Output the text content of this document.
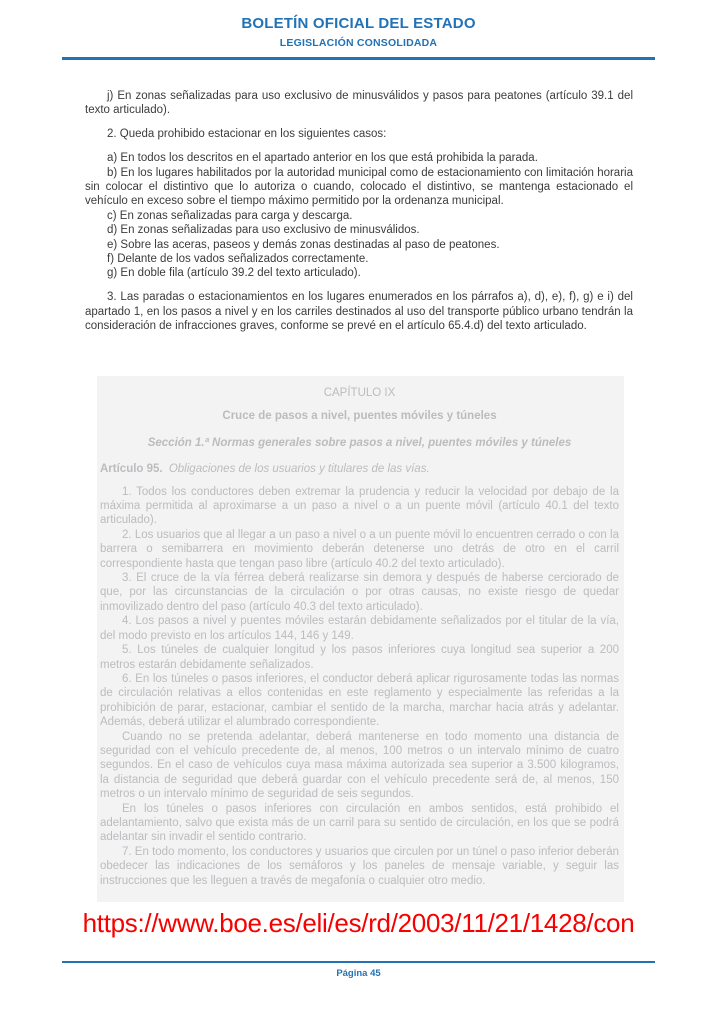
BOLETÍN OFICIAL DEL ESTADO
LEGISLACIÓN CONSOLIDADA

j) En zonas señalizadas para uso exclusivo de minusválidos y pasos para peatones (artículo 39.1 del texto articulado).

2. Queda prohibido estacionar en los siguientes casos:

a) En todos los descritos en el apartado anterior en los que está prohibida la parada.

b) En los lugares habilitados por la autoridad municipal como de estacionamiento con limitación horaria sin colocar el distintivo que lo autoriza o cuando, colocado el distintivo, se mantenga estacionado el vehículo en exceso sobre el tiempo máximo permitido por la ordenanza municipal.

c) En zonas señalizadas para carga y descarga.

d) En zonas señalizadas para uso exclusivo de minusválidos.

e) Sobre las aceras, paseos y demás zonas destinadas al paso de peatones.

f) Delante de los vados señalizados correctamente.

g) En doble fila (artículo 39.2 del texto articulado).

3. Las paradas o estacionamientos en los lugares enumerados en los párrafos a), d), e), f), g) e i) del apartado 1, en los pasos a nivel y en los carriles destinados al uso del transporte público urbano tendrán la consideración de infracciones graves, conforme se prevé en el artículo 65.4.d) del texto articulado.

CAPÍTULO IX
Cruce de pasos a nivel, puentes móviles y túneles
Sección 1.ª Normas generales sobre pasos a nivel, puentes móviles y túneles

Artículo 95. Obligaciones de los usuarios y titulares de las vías.

1. Todos los conductores deben extremar la prudencia y reducir la velocidad por debajo de la máxima permitida al aproximarse a un paso a nivel o a un puente móvil (artículo 40.1 del texto articulado).

2. Los usuarios que al llegar a un paso a nivel o a un puente móvil lo encuentren cerrado o con la barrera o semibarrera en movimiento deberán detenerse uno detrás de otro en el carril correspondiente hasta que tengan paso libre (artículo 40.2 del texto articulado).

3. El cruce de la vía férrea deberá realizarse sin demora y después de haberse cerciorado de que, por las circunstancias de la circulación o por otras causas, no existe riesgo de quedar inmovilizado dentro del paso (artículo 40.3 del texto articulado).

4. Los pasos a nivel y puentes móviles estarán debidamente señalizados por el titular de la vía, del modo previsto en los artículos 144, 146 y 149.

5. Los túneles de cualquier longitud y los pasos inferiores cuya longitud sea superior a 200 metros estarán debidamente señalizados.

6. En los túneles o pasos inferiores, el conductor deberá aplicar rigurosamente todas las normas de circulación relativas a ellos contenidas en este reglamento y especialmente las referidas a la prohibición de parar, estacionar, cambiar el sentido de la marcha, marchar hacia atrás y adelantar. Además, deberá utilizar el alumbrado correspondiente.

Cuando no se pretenda adelantar, deberá mantenerse en todo momento una distancia de seguridad con el vehículo precedente de, al menos, 100 metros o un intervalo mínimo de cuatro segundos. En el caso de vehículos cuya masa máxima autorizada sea superior a 3.500 kilogramos, la distancia de seguridad que deberá guardar con el vehículo precedente será de, al menos, 150 metros o un intervalo mínimo de seguridad de seis segundos.

En los túneles o pasos inferiores con circulación en ambos sentidos, está prohibido el adelantamiento, salvo que exista más de un carril para su sentido de circulación, en los que se podrá adelantar sin invadir el sentido contrario.

7. En todo momento, los conductores y usuarios que circulen por un túnel o paso inferior deberán obedecer las indicaciones de los semáforos y los paneles de mensaje variable, y seguir las instrucciones que les lleguen a través de megafonía o cualquier otro medio.

https://www.boe.es/eli/es/rd/2003/11/21/1428/con
Página 45
